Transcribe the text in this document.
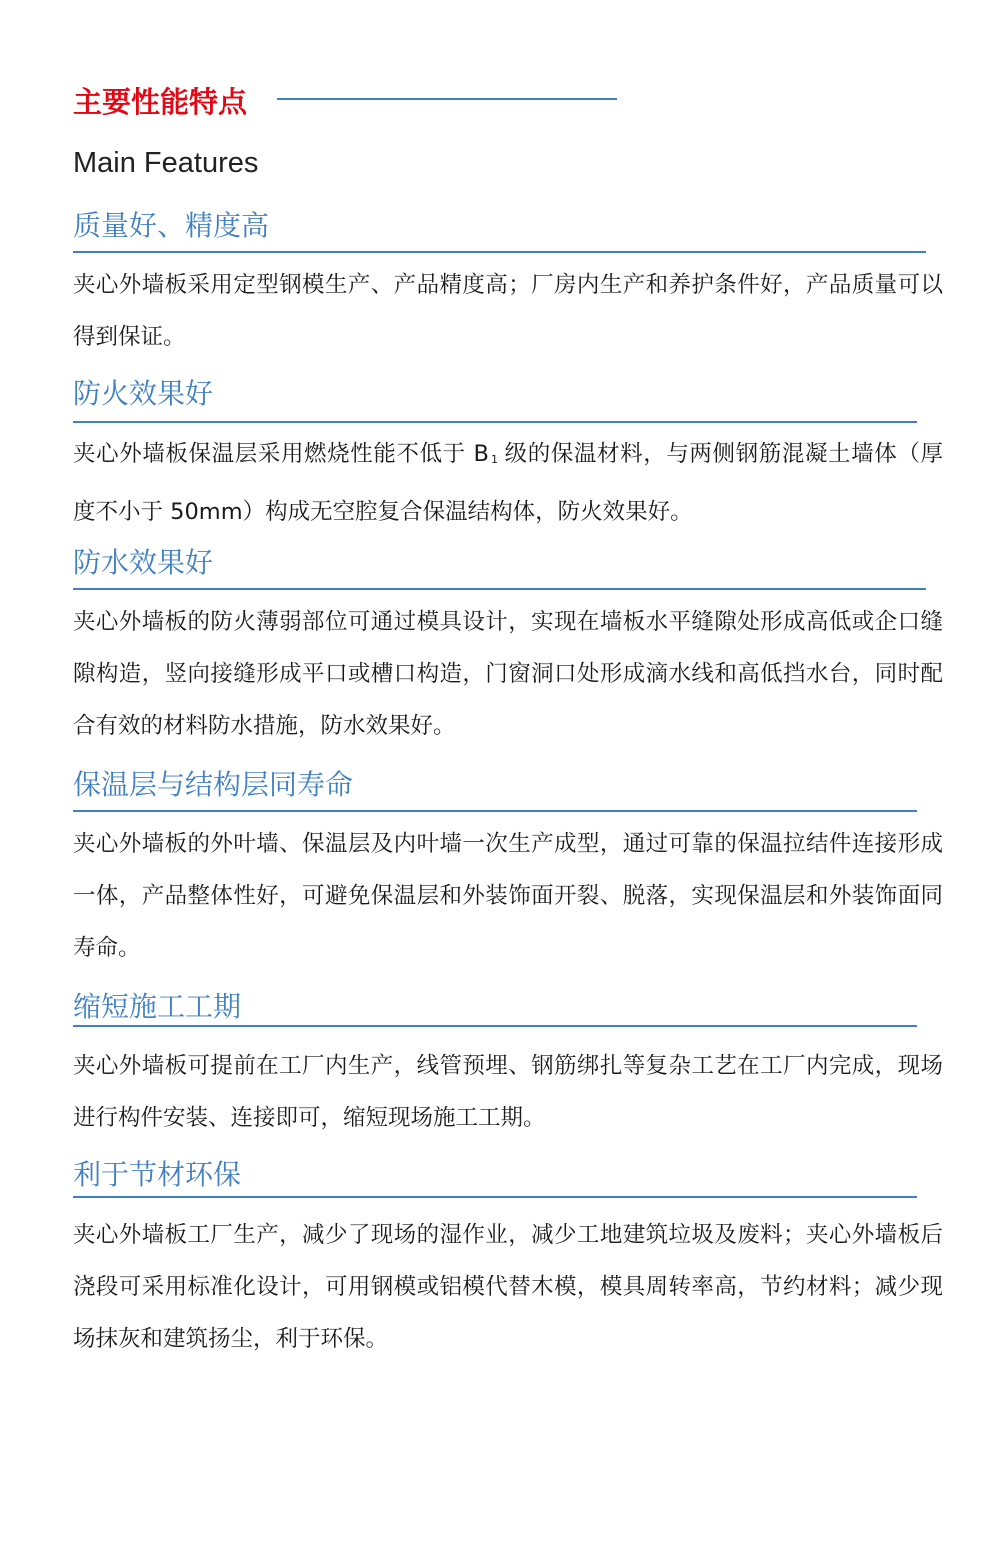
主要性能特点
Main Features
质量好、精度高

夹心外墙板采用定型钢模生产、产品精度高；厂房内生产和养护条件好，产品质量可以得到保证。

防火效果好

夹心外墙板保温层采用燃烧性能不低于 B $_1$ 级的保温材料，与两侧钢筋混凝土墙体（厚度不小于 50mm）构成无空腔复合保温结构体，防火效果好。

防水效果好

夹心外墙板的防火薄弱部位可通过模具设计，实现在墙板水平缝隙处形成高低或企口缝隙构造，竖向接缝形成平口或槽口构造，门窗洞口处形成滴水线和高低挡水台，同时配合有效的材料防水措施，防水效果好。

保温层与结构层同寿命

夹心外墙板的外叶墙、保温层及内叶墙一次生产成型，通过可靠的保温拉结件连接形成一体，产品整体性好，可避免保温层和外装饰面开裂、脱落，实现保温层和外装饰面同寿命。

缩短施工工期

夹心外墙板可提前在工厂内生产，线管预埋、钢筋绑扎等复杂工艺在工厂内完成，现场进行构件安装、连接即可，缩短现场施工工期。

利于节材环保

夹心外墙板工厂生产，减少了现场的湿作业，减少工地建筑垃圾及废料；夹心外墙板后浇段可采用标准化设计，可用钢模或铝模代替木模，模具周转率高，节约材料；减少现场抹灰和建筑扬尘，利于环保。
